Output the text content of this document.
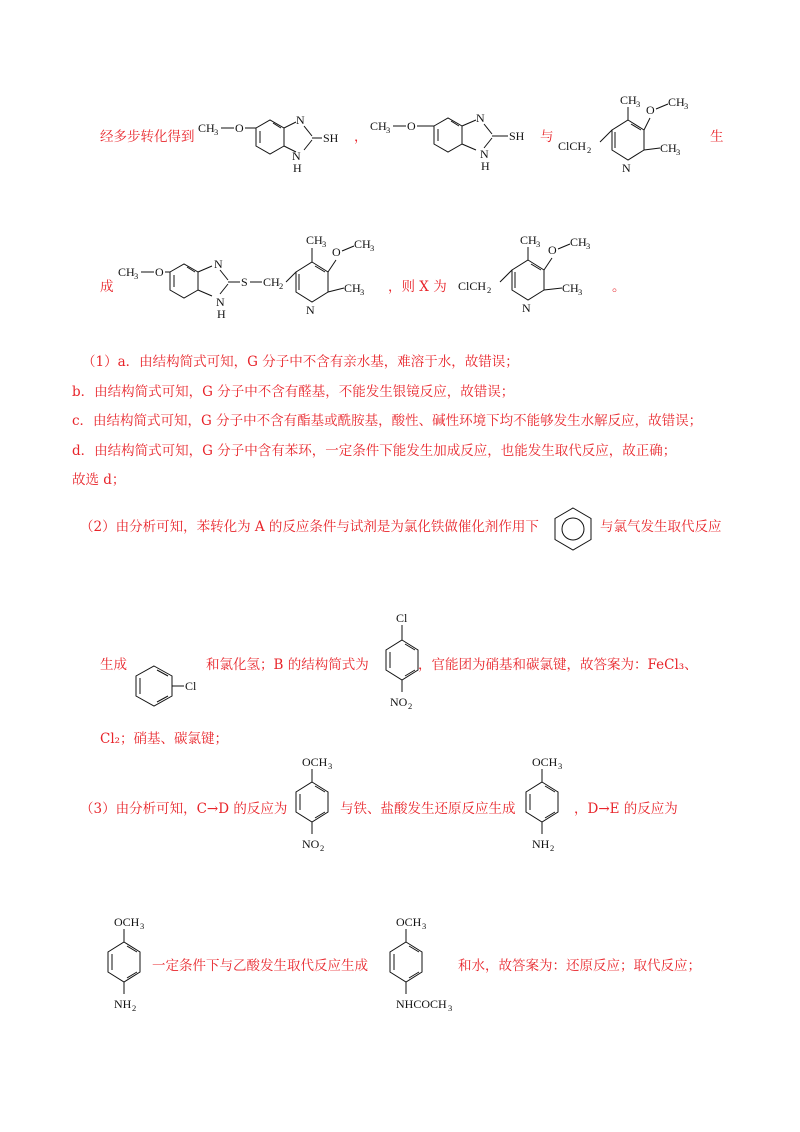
经多步转化得到
CH 3 O
N
N
H
SH ，
CH 3 O
N
N
H
SH 与
CH 3 O
CH 3
CH 3
ClCH 2
N
生
成
CH 3 O
N
N
H
S CH 2
CH 3
O
CH 3
CH 3
N
，则 X 为
CH 3 O
CH 3
CH 3
ClCH 2
N
。
（1）a．由结构简式可知，G 分子中不含有亲水基，难溶于水，故错误；
b．由结构简式可知，G 分子中不含有醛基，不能发生银镜反应，故错误；
c．由结构简式可知，G 分子中不含有酯基或酰胺基，酸性、碱性环境下均不能够发生水解反应，故错误；
d．由结构简式可知，G 分子中含有苯环，一定条件下能发生加成反应，也能发生取代反应，故正确；
故选 d；
（2）由分析可知，苯转化为 A 的反应条件与试剂是为氯化铁做催化剂作用下	与氯气发生取代反应
生成
Cl
和氯化氢；B 的结构简式为
Cl
NO 2
，官能团为硝基和碳氯键，故答案为：FeCl₃、
Cl₂；硝基、碳氯键；
（3）由分析可知，C→D 的反应为
OCH 3
NO 2
与铁、盐酸发生还原反应生成
OCH 3
NH 2
，D→E 的反应为
OCH 3
NH 2
一定条件下与乙酸发生取代反应生成
OCH 3
NHCOCH 3
和水，故答案为：还原反应；取代反应；
